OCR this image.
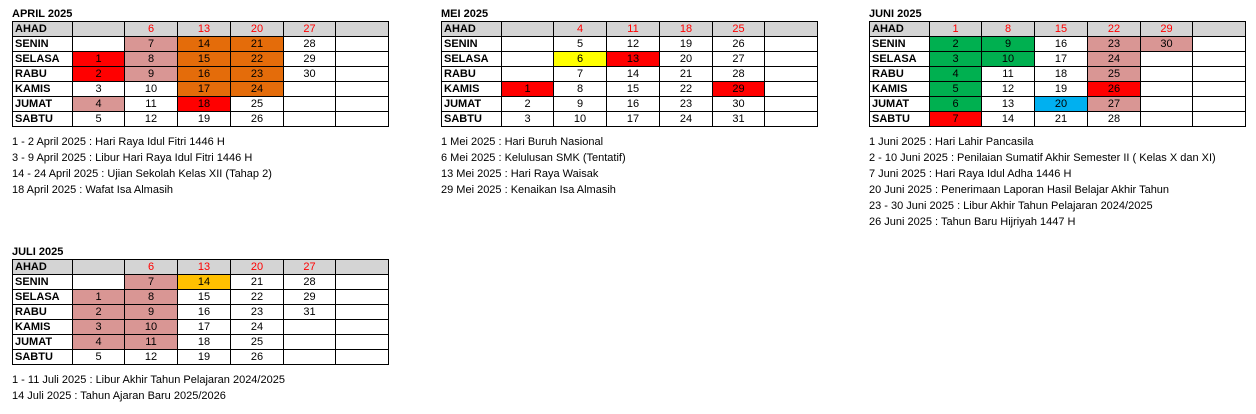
APRIL 2025
AHAD		6	13	20	27	
SENIN		7	14	21	28	
SELASA	1	8	15	22	29	
RABU	2	9	16	23	30	
KAMIS	3	10	17	24		
JUMAT	4	11	18	25		
SABTU	5	12	19	26		
1 - 2 April 2025 : Hari Raya Idul Fitri 1446 H
3 - 9 April 2025 : Libur Hari Raya Idul Fitri 1446 H
14 - 24 April 2025 : Ujian Sekolah Kelas XII (Tahap 2)
18 April 2025 : Wafat Isa Almasih
MEI 2025
AHAD		4	11	18	25	
SENIN		5	12	19	26	
SELASA		6	13	20	27	
RABU		7	14	21	28	
KAMIS	1	8	15	22	29	
JUMAT	2	9	16	23	30	
SABTU	3	10	17	24	31	
1 Mei 2025 : Hari Buruh Nasional
6 Mei 2025 : Kelulusan SMK (Tentatif)
13 Mei 2025 : Hari Raya Waisak
29 Mei 2025 : Kenaikan Isa Almasih
JUNI 2025
AHAD	1	8	15	22	29	
SENIN	2	9	16	23	30	
SELASA	3	10	17	24		
RABU	4	11	18	25		
KAMIS	5	12	19	26		
JUMAT	6	13	20	27		
SABTU	7	14	21	28		
1 Juni 2025 : Hari Lahir Pancasila
2 - 10 Juni 2025 : Penilaian Sumatif Akhir Semester II ( Kelas X dan XI)
7 Juni 2025 : Hari Raya Idul Adha 1446 H
20 Juni 2025 : Penerimaan Laporan Hasil Belajar Akhir Tahun
23 - 30 Juni 2025 : Libur Akhir Tahun Pelajaran 2024/2025
26 Juni 2025 : Tahun Baru Hijriyah 1447 H
JULI 2025
AHAD		6	13	20	27	
SENIN		7	14	21	28	
SELASA	1	8	15	22	29	
RABU	2	9	16	23	31	
KAMIS	3	10	17	24		
JUMAT	4	11	18	25		
SABTU	5	12	19	26		
1 - 11 Juli 2025 : Libur Akhir Tahun Pelajaran 2024/2025
14 Juli 2025 : Tahun Ajaran Baru 2025/2026
